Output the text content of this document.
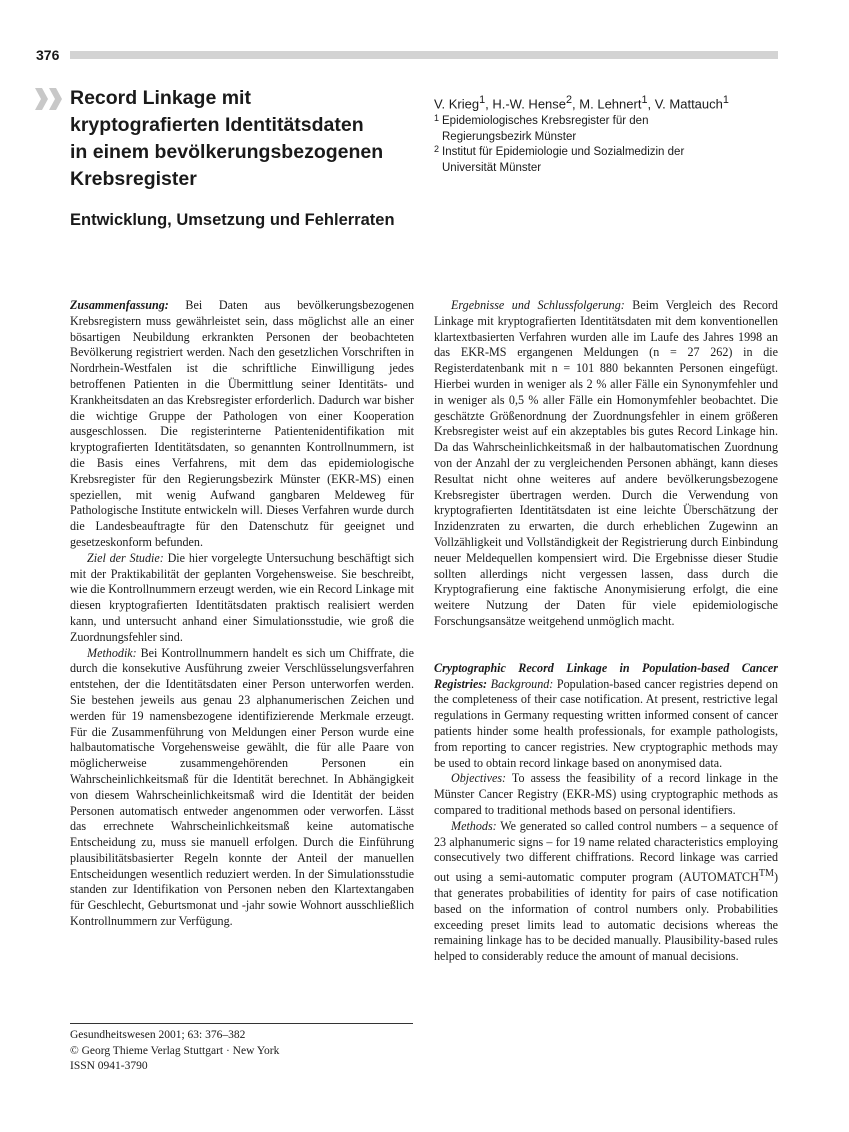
376
Record Linkage mit
kryptografierten Identitätsdaten
in einem bevölkerungsbezogenen
Krebsregister
Entwicklung, Umsetzung und Fehlerraten
V. Krieg$^1$, H.-W. Hense$^2$, M. Lehnert$^1$, V. Mattauch$^1$
1 Epidemiologisches Krebsregister für den
Regierungsbezirk Münster
2 Institut für Epidemiologie und Sozialmedizin der
Universität Münster

Zusammenfassung: Bei Daten aus bevölkerungsbezogenen Krebsregistern muss gewährleistet sein, dass möglichst alle an einer bösartigen Neubildung erkrankten Personen der beobachteten Bevölkerung registriert werden. Nach den gesetzlichen Vorschriften in Nordrhein-Westfalen ist die schriftliche Einwilligung jedes betroffenen Patienten in die Übermittlung seiner Identitäts- und Krankheitsdaten an das Krebsregister erforderlich. Dadurch war bisher die wichtige Gruppe der Pathologen von einer Kooperation ausgeschlossen. Die registerinterne Patientenidentifikation mit kryptografierten Identitätsdaten, so genannten Kontrollnummern, ist die Basis eines Verfahrens, mit dem das epidemiologische Krebsregister für den Regierungsbezirk Münster (EKR-MS) einen speziellen, mit wenig Aufwand gangbaren Meldeweg für Pathologische Institute entwickeln will. Dieses Verfahren wurde durch die Landesbeauftragte für den Datenschutz für geeignet und gesetzeskonform befunden.

Ziel der Studie: Die hier vorgelegte Untersuchung beschäftigt sich mit der Praktikabilität der geplanten Vorgehensweise. Sie beschreibt, wie die Kontrollnummern erzeugt werden, wie ein Record Linkage mit diesen kryptografierten Identitätsdaten praktisch realisiert werden kann, und untersucht anhand einer Simulationsstudie, wie groß die Zuordnungsfehler sind.

Methodik: Bei Kontrollnummern handelt es sich um Chiffrate, die durch die konsekutive Ausführung zweier Verschlüsselungsverfahren entstehen, der die Identitätsdaten einer Person unterworfen werden. Sie bestehen jeweils aus genau 23 alphanumerischen Zeichen und werden für 19 namensbezogene identifizierende Merkmale erzeugt. Für die Zusammenführung von Meldungen einer Person wurde eine halbautomatische Vorgehensweise gewählt, die für alle Paare von möglicherweise zusammengehörenden Personen ein Wahrscheinlichkeitsmaß für die Identität berechnet. In Abhängigkeit von diesem Wahrscheinlichkeitsmaß wird die Identität der beiden Personen automatisch entweder angenommen oder verworfen. Lässt das errechnete Wahrscheinlichkeitsmaß keine automatische Entscheidung zu, muss sie manuell erfolgen. Durch die Einführung plausibilitätsbasierter Regeln konnte der Anteil der manuellen Entscheidungen wesentlich reduziert werden. In der Simulationsstudie standen zur Identifikation von Personen neben den Klartextangaben für Geschlecht, Geburtsmonat und -jahr sowie Wohnort ausschließlich Kontrollnummern zur Verfügung.

Ergebnisse und Schlussfolgerung: Beim Vergleich des Record Linkage mit kryptografierten Identitätsdaten mit dem konventionellen klartextbasierten Verfahren wurden alle im Laufe des Jahres 1998 an das EKR-MS ergangenen Meldungen (n = 27 262) in die Registerdatenbank mit n = 101 880 bekannten Personen eingefügt. Hierbei wurden in weniger als 2 % aller Fälle ein Synonymfehler und in weniger als 0,5 % aller Fälle ein Homonymfehler beobachtet. Die geschätzte Größenordnung der Zuordnungsfehler in einem größeren Krebsregister weist auf ein akzeptables bis gutes Record Linkage hin. Da das Wahrscheinlichkeitsmaß in der halbautomatischen Zuordnung von der Anzahl der zu vergleichenden Personen abhängt, kann dieses Resultat nicht ohne weiteres auf andere bevölkerungsbezogene Krebsregister übertragen werden. Durch die Verwendung von kryptografierten Identitätsdaten ist eine leichte Überschätzung der Inzidenzraten zu erwarten, die durch erheblichen Zugewinn an Vollzähligkeit und Vollständigkeit der Registrierung durch Einbindung neuer Meldequellen kompensiert wird. Die Ergebnisse dieser Studie sollten allerdings nicht vergessen lassen, dass durch die Kryptografierung eine faktische Anonymisierung erfolgt, die eine weitere Nutzung der Daten für viele epidemiologische Forschungsansätze weitgehend unmöglich macht.

Cryptographic Record Linkage in Population-based Cancer Registries: Background: Population-based cancer registries depend on the completeness of their case notification. At present, restrictive legal regulations in Germany requesting written informed consent of cancer patients hinder some health professionals, for example pathologists, from reporting to cancer registries. New cryptographic methods may be used to obtain record linkage based on anonymised data.

Objectives: To assess the feasibility of a record linkage in the Münster Cancer Registry (EKR-MS) using cryptographic methods as compared to traditional methods based on personal identifiers.

Methods: We generated so called control numbers – a sequence of 23 alphanumeric signs – for 19 name related characteristics employing consecutively two different chiffrations. Record linkage was carried out using a semi-automatic computer program (AUTOMATCH™) that generates probabilities of identity for pairs of case notification based on the information of control numbers only. Probabilities exceeding preset limits lead to automatic decisions whereas the remaining linkage has to be decided manually. Plausibility-based rules helped to considerably reduce the amount of manual decisions.

Gesundheitswesen 2001; 63: 376–382
© Georg Thieme Verlag Stuttgart · New York
ISSN 0941-3790
